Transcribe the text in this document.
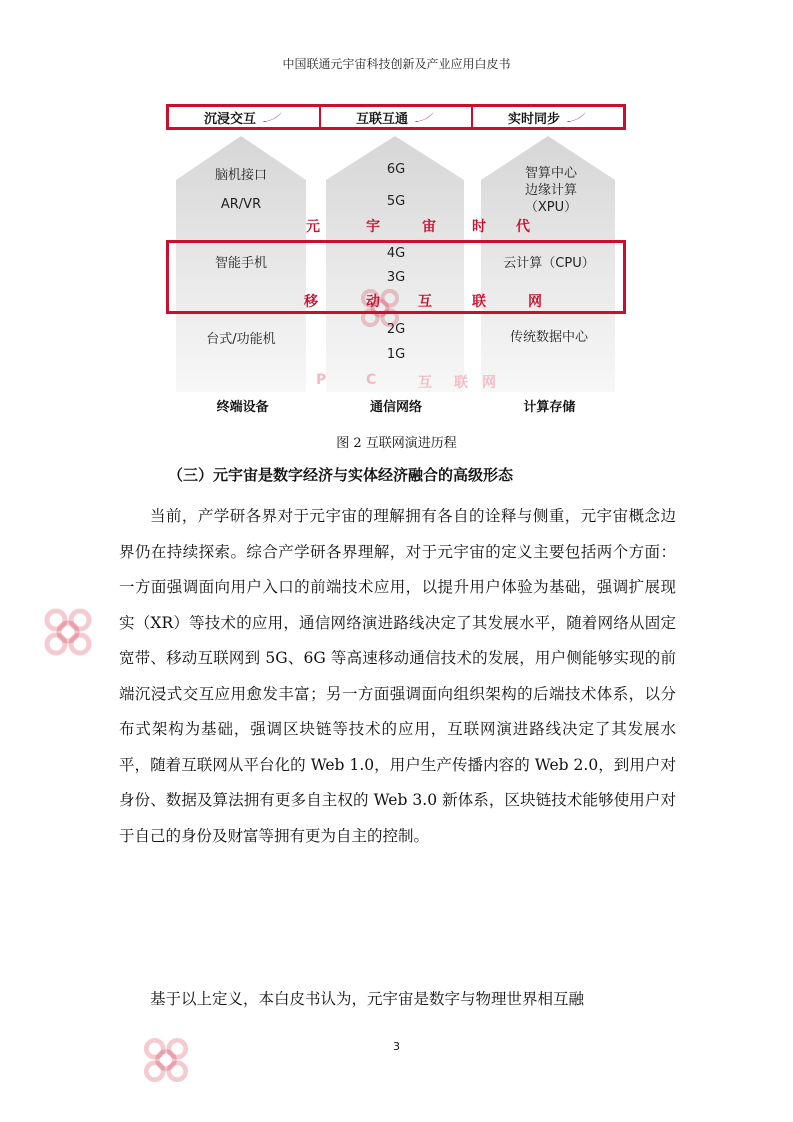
中国联通元宇宙科技创新及产业应用白皮书
沉浸交互	互联互通	实时同步
脑机接口
AR/VR
6G
5G
智算中心
边缘计算
（XPU）
元	宇	宙	时 代
智能手机
4G
3G
云计算（CPU）
移	动	互	联	网
台式/功能机
2G
1G
传统数据中心
P	C	互 联 网
终端设备	通信网络	计算存储
图 2 互联网演进历程
（三）元宇宙是数字经济与实体经济融合的高级形态
当前，产学研各界对于元宇宙的理解拥有各自的诠释与侧重，元宇宙概念边界仍在持续探索。综合产学研各界理解，对于元宇宙的定义主要包括两个方面：一方面强调面向用户入口的前端技术应用，以提升用户体验为基础，强调扩展现实（XR）等技术的应用，通信网络演进路线决定了其发展水平，随着网络从固定宽带、移动互联网到 5G、6G 等高速移动通信技术的发展，用户侧能够实现的前端沉浸式交互应用愈发丰富；另一方面强调面向组织架构的后端技术体系，以分布式架构为基础，强调区块链等技术的应用，互联网演进路线决定了其发展水平，随着互联网从平台化的 Web 1.0，用户生产传播内容的 Web 2.0，到用户对身份、数据及算法拥有更多自主权的 Web 3.0 新体系，区块链技术能够使用户对于自己的身份及财富等拥有更为自主的控制。
基于以上定义，本白皮书认为，元宇宙是数字与物理世界相互融
3
